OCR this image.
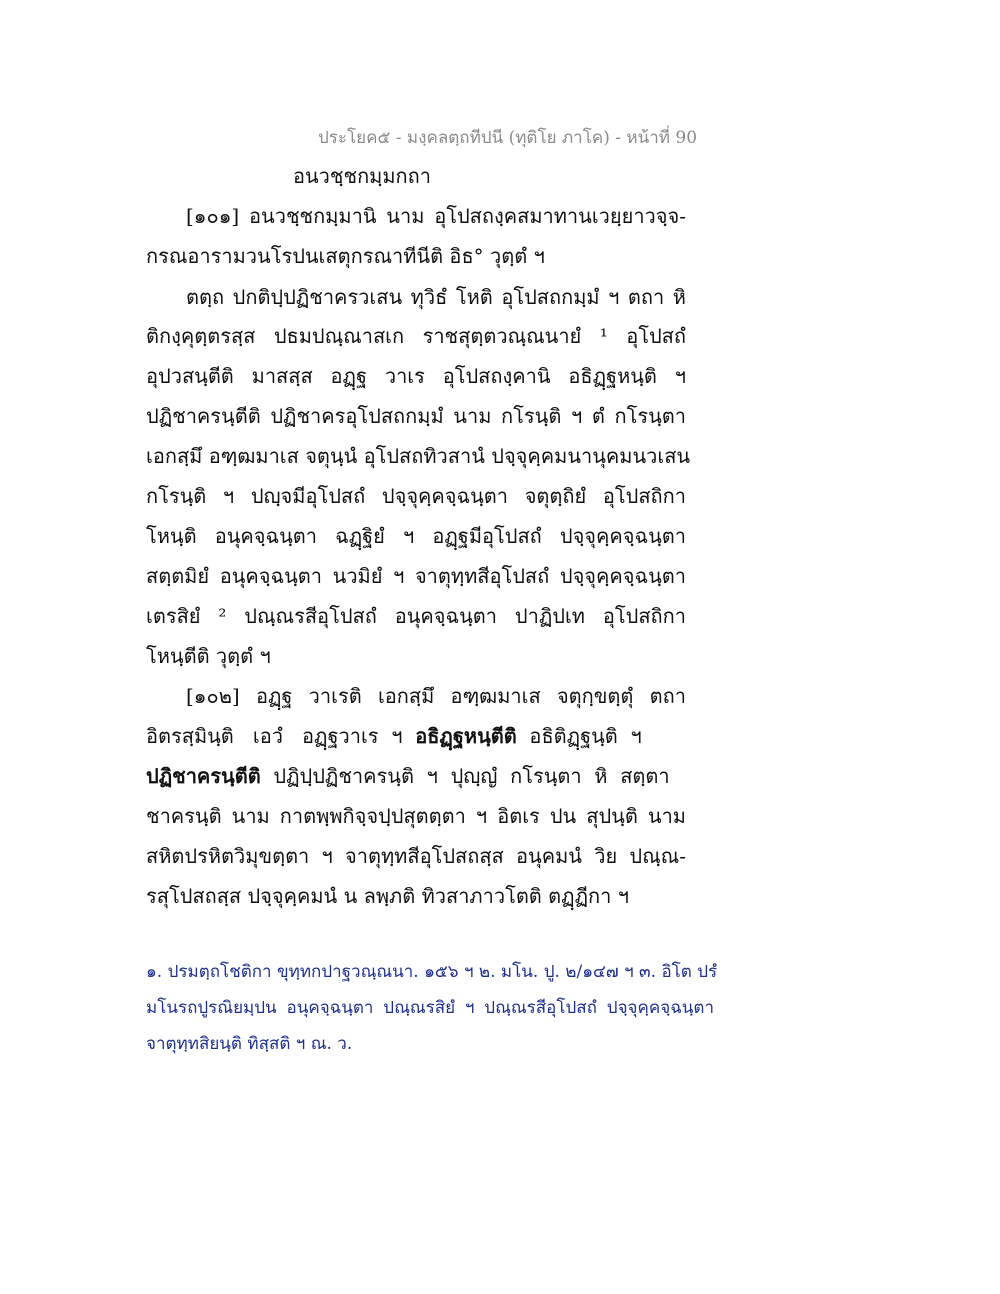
ประโยค๕ - มงฺคลตฺถทีปนี (ทุติโย ภาโค) - หน้าที่ 90
อนวชฺชกมฺมกถา
[๑๐๑] อนวชฺชกมฺมานิ นาม อุโปสถงฺคสมาทานเวยฺยาวจฺจ-
กรณอารามวนโรปนเสตุกรณาทีนีติ อิธ° วุตฺตํ ฯ
ตตฺถ ปกติปฺปฏิชาครวเสน ทุวิธํ โหติ อุโปสถกมฺมํ ฯ ตถา หิ
ติกงฺคุตฺตรสฺส ปธมปณฺณาสเก ราชสุตฺตวณฺณนายํ ¹ อุโปสถํ
อุปวสนฺตีติ มาสสฺส อฏฺฐ วาเร อุโปสถงฺคานิ อธิฏฺฐหนฺติ ฯ
ปฏิชาครนฺตีติ ปฏิชาครอุโปสถกมฺมํ นาม กโรนฺติ ฯ ตํ กโรนฺตา
เอกสฺมึ อฑฺฒมาเส จตุนฺนํ อุโปสถทิวสานํ ปจฺจุคฺคมนานุคมนวเสน
กโรนฺติ ฯ ปญฺจมีอุโปสถํ ปจฺจุคฺคจฺฉนฺตา จตุตฺถิยํ อุโปสถิกา
โหนฺติ อนุคจฺฉนฺตา ฉฏฺฐิยํ ฯ อฏฺฐมีอุโปสถํ ปจฺจุคฺคจฺฉนฺตา
สตฺตมิยํ อนุคจฺฉนฺตา นวมิยํ ฯ จาตุทฺทสีอุโปสถํ ปจฺจุคฺคจฺฉนฺตา
เตรสิยํ ² ปณฺณรสีอุโปสถํ อนุคจฺฉนฺตา ปาฏิปเท อุโปสถิกา
โหนฺตีติ วุตฺตํ ฯ
[๑๐๒] อฏฺฐ วาเรติ เอกสฺมึ อฑฺฒมาเส จตุกฺขตฺตุํ ตถา
อิตรสฺมินฺติ   เอวํ   อฏฺฐวาเร  ฯ  อธิฏฺฐหนฺตีติ  อธิติฏฺฐนฺติ  ฯ
ปฏิชาครนฺตีติ  ปฏิปฺปฏิชาครนฺติ  ฯ  ปุญฺญํ  กโรนฺตา  หิ  สตฺตา
ชาครนฺติ นาม กาตพฺพกิจฺจปฺปสุตตฺตา ฯ อิตเร ปน สุปนฺติ นาม
สหิตปรหิตวิมุขตฺตา ฯ จาตุทฺทสีอุโปสถสฺส อนุคมนํ วิย ปณฺณ-
รสุโปสถสฺส ปจฺจุคฺคมนํ น ลพฺภติ ทิวสาภาวโตติ ตฏฺฏีกา ฯ
๑. ปรมตฺถโชติกา ขุทฺทกปาฐวณฺณนา. ๑๕๖ ฯ ๒. มโน. ปู. ๒/๑๔๗ ฯ ๓. อิโต ปรํ
มโนรถปูรณิยมฺปน อนุคจฺฉนฺตา ปณฺณรสิยํ ฯ ปณฺณรสีอุโปสถํ ปจฺจุคฺคจฺฉนฺตา
จาตุทฺทสิยนฺติ ทิสฺสติ ฯ ณ. ว.
